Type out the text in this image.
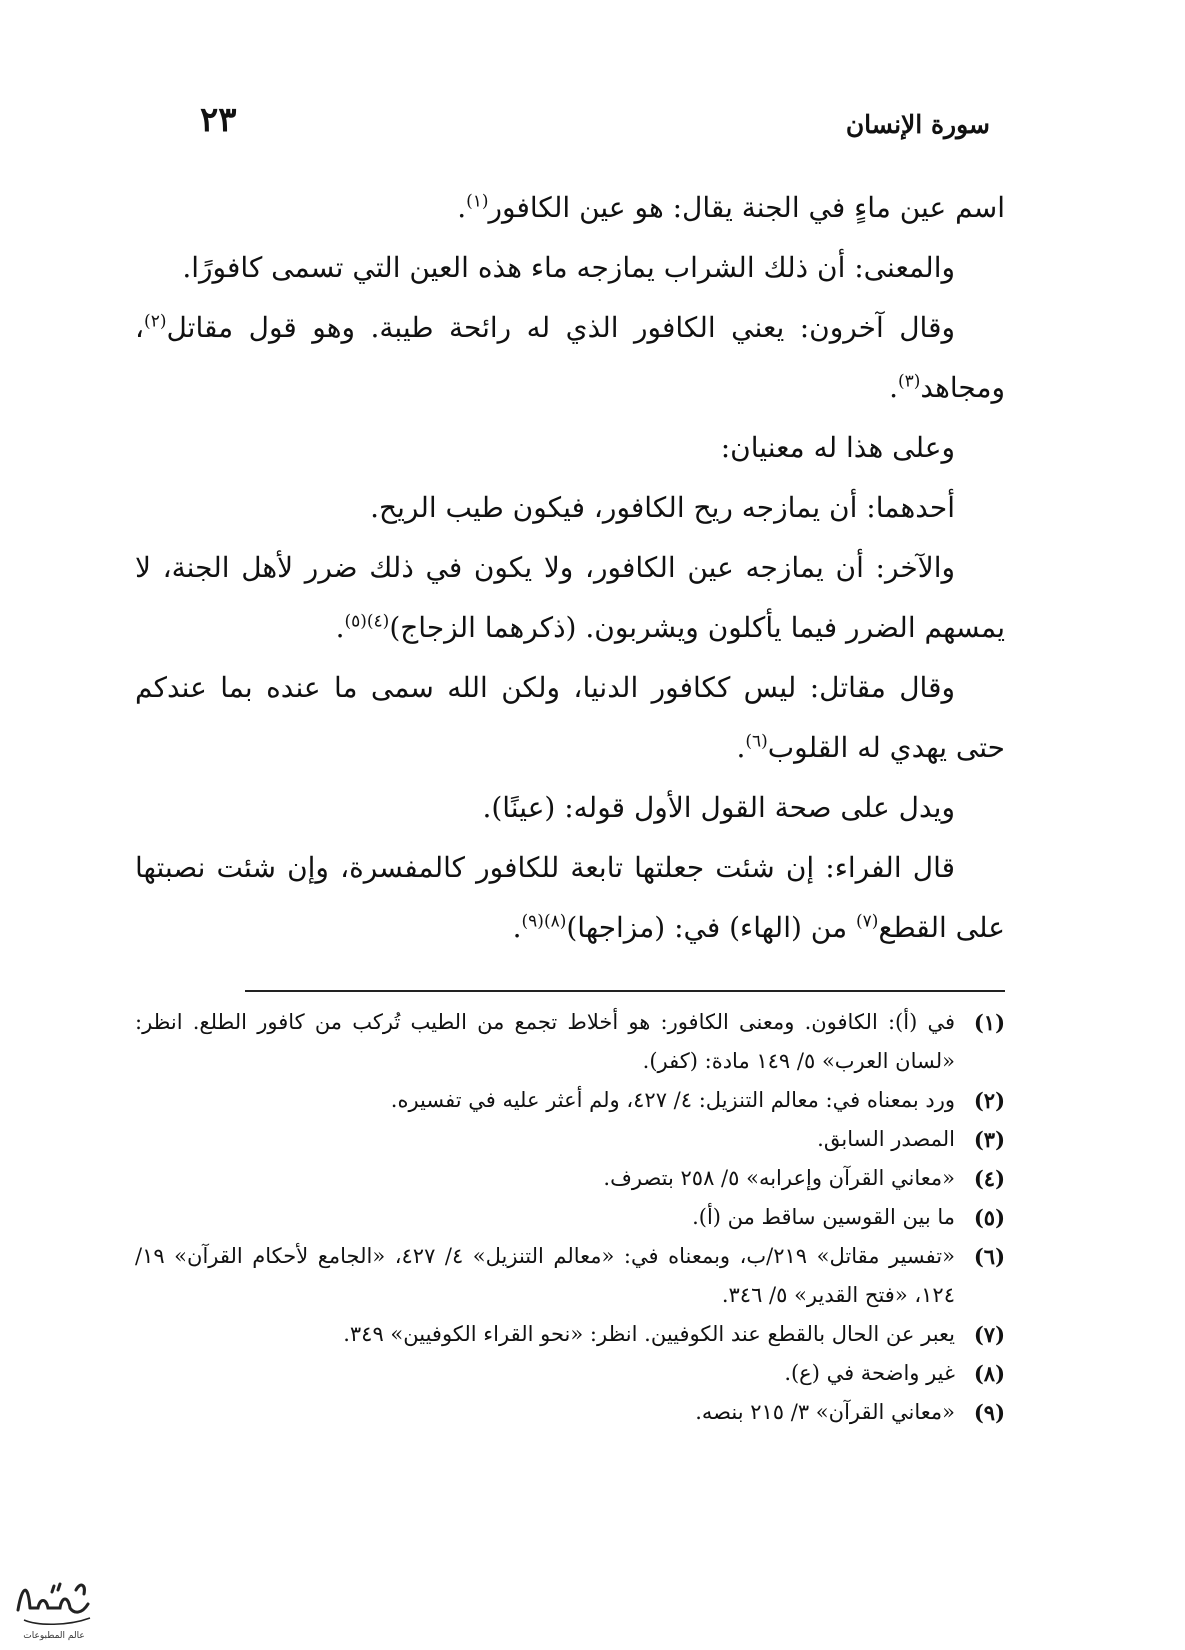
سورة الإنسان
٢٣

اسم عين ماءٍ في الجنة يقال: هو عين الكافور$^{(١)}$.

والمعنى: أن ذلك الشراب يمازجه ماء هذه العين التي تسمى كافورًا.

وقال آخرون: يعني الكافور الذي له رائحة طيبة. وهو قول مقاتل$^{(٢)}$، ومجاهد$^{(٣)}$.

وعلى هذا له معنيان:

أحدهما: أن يمازجه ريح الكافور، فيكون طيب الريح.

والآخر: أن يمازجه عين الكافور، ولا يكون في ذلك ضرر لأهل الجنة، لا يمسهم الضرر فيما يأكلون ويشربون. (ذكرهما الزجاج)$^{(٤)(٥)}$.

وقال مقاتل: ليس ككافور الدنيا، ولكن الله سمى ما عنده بما عندكم حتى يهدي له القلوب$^{(٦)}$.

ويدل على صحة القول الأول قوله: (عينًا).

قال الفراء: إن شئت جعلتها تابعة للكافور كالمفسرة، وإن شئت نصبتها على القطع$^{(٧)}$ من (الهاء) في: (مزاجها)$^{(٨)(٩)}$.

(١)
في (أ): الكافون. ومعنى الكافور: هو أخلاط تجمع من الطيب تُركب من كافور الطلع. انظر: «لسان العرب» ٥/ ١٤٩ مادة: (كفر).
(٢)
ورد بمعناه في: معالم التنزيل: ٤/ ٤٢٧، ولم أعثر عليه في تفسيره.
(٣)
المصدر السابق.
(٤)
«معاني القرآن وإعرابه» ٥/ ٢٥٨ بتصرف.
(٥)
ما بين القوسين ساقط من (أ).
(٦)
«تفسير مقاتل» ٢١٩/ب، وبمعناه في: «معالم التنزيل» ٤/ ٤٢٧، «الجامع لأحكام القرآن» ١٩/ ١٢٤، «فتح القدير» ٥/ ٣٤٦.
(٧)
يعبر عن الحال بالقطع عند الكوفيين. انظر: «نحو القراء الكوفيين» ٣٤٩.
(٨)
غير واضحة في (ع).
(٩)
«معاني القرآن» ٣/ ٢١٥ بنصه.
عالم المطبوعات
